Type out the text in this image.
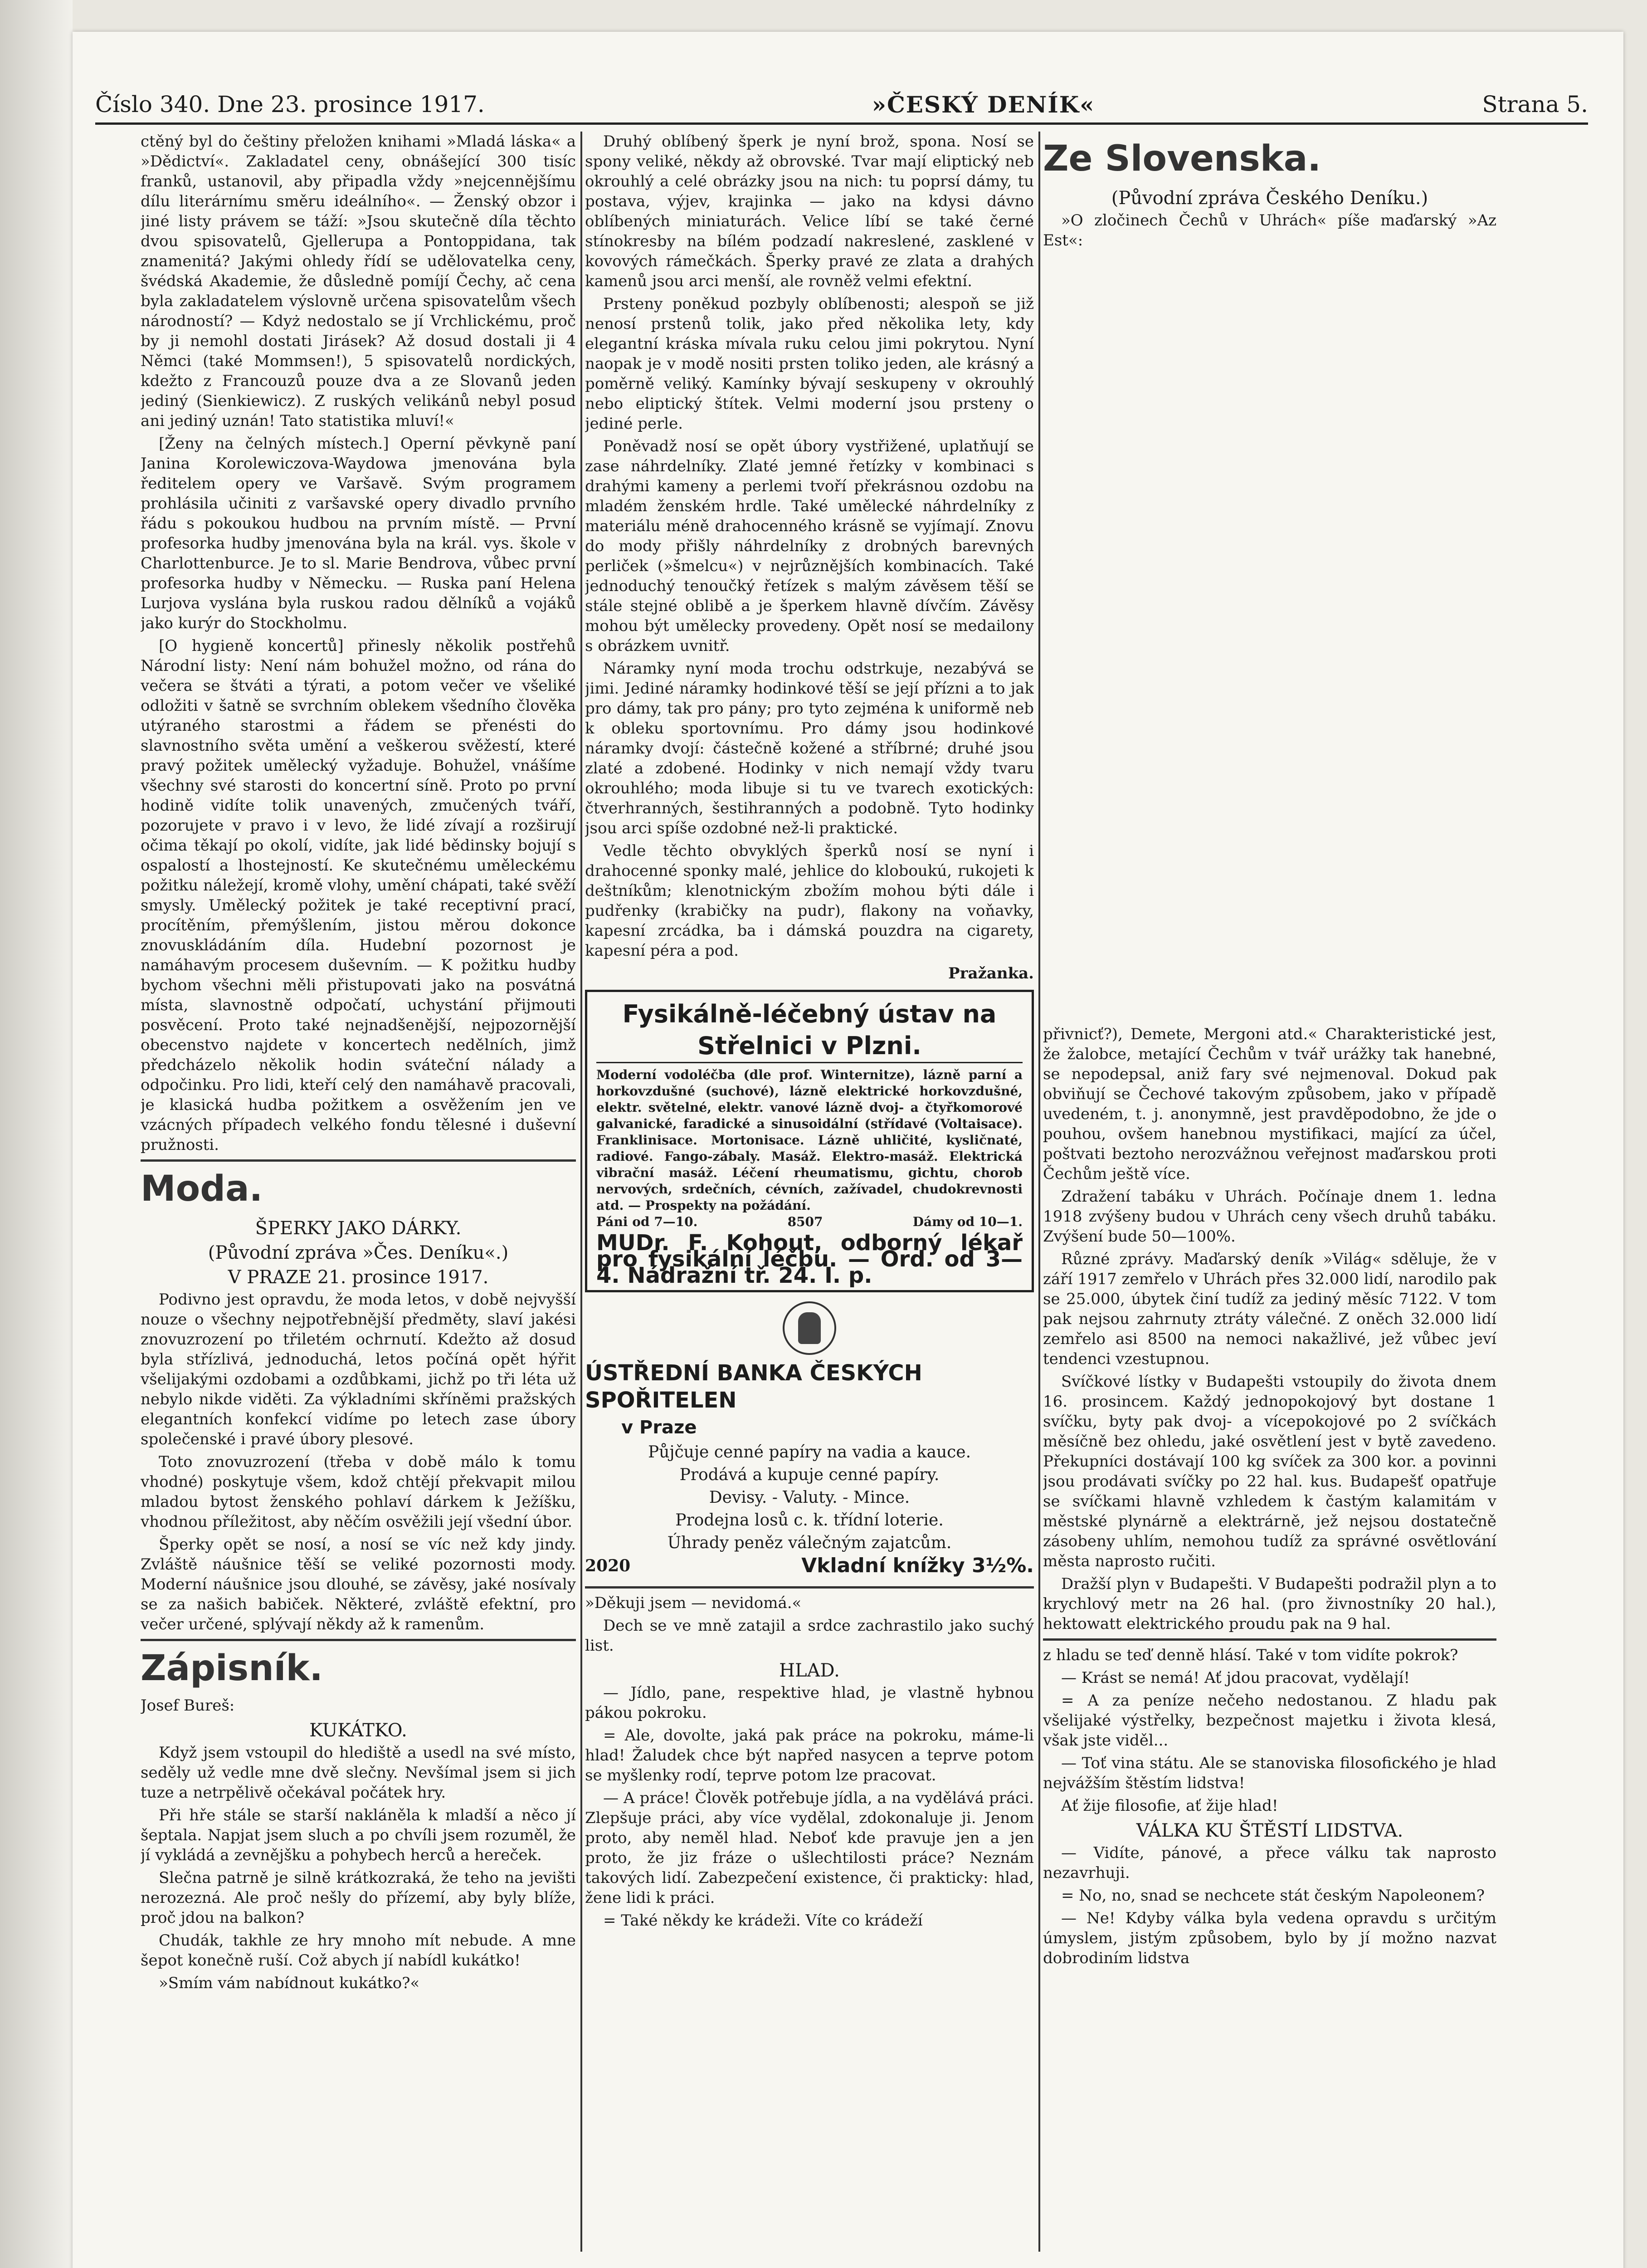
Číslo 340. Dne 23. prosince 1917.	»ČESKÝ DENÍK«	Strana 5.

ctěný byl do češtiny přeložen knihami »Mladá láska« a »Dědictví«. Zakladatel ceny, obnášející 300 tisíc franků, ustanovil, aby připadla vždy »nejcennějšímu dílu literárnímu směru ideálního«. — Ženský obzor i jiné listy právem se táží: »Jsou skutečně díla těchto dvou spisovatelů, Gjellerupa a Pontoppidana, tak znamenitá? Jakými ohledy řídí se udělovatelka ceny, švédská Akademie, že důsledně pomíjí Čechy, ač cena byla zakladatelem výslovně určena spisovatelům všech národností? — Kdyż nedostalo se jí Vrchlickému, proč by ji nemohl dostati Jirásek? Až dosud dostali ji 4 Němci (také Mommsen!), 5 spisovatelů nordických, kdežto z Francouzů pouze dva a ze Slovanů jeden jediný (Sienkiewicz). Z ruských velikánů nebyl posud ani jediný uznán! Tato statistika mluví!«

[Ženy na čelných místech.] Operní pěvkyně paní Janina Korolewiczova-Waydowa jmenována byla ředitelem opery ve Varšavě. Svým programem prohlásila učiniti z varšavské opery divadlo prvního řádu s pokoukou hudbou na prvním místě. — První profesorka hudby jmenována byla na král. vys. škole v Charlottenburce. Je to sl. Marie Bendrova, vůbec první profesorka hudby v Německu. — Ruska paní Helena Lurjova vyslána byla ruskou radou dělníků a vojáků jako kurýr do Stockholmu.

[O hygieně koncertů] přinesly několik postřehů Národní listy: Není nám bohužel možno, od rána do večera se štváti a týrati, a potom večer ve všeliké odložiti v šatně se svrchním oblekem všedního člověka utýraného starostmi a řádem se přenésti do slavnostního světa umění a veškerou svěžestí, které pravý požitek umělecký vyžaduje. Bohužel, vnášíme všechny své starosti do koncertní síně. Proto po první hodině vidíte tolik unavených, zmučených tváří, pozorujete v pravo i v levo, že lidé zívají a rozširují očima těkají po okolí, vidíte, jak lidé bědinsky bojují s ospalostí a lhostejností. Ke skutečnému uměleckému požitku náležejí, kromě vlohy, umění chápati, také svěží smysly. Umělecký požitek je také receptivní prací, procítěním, přemýšlením, jistou měrou dokonce znovuskládáním díla. Hudební pozornost je namáhavým procesem duševním. — K požitku hudby bychom všechni měli přistupovati jako na posvátná místa, slavnostně odpočatí, uchystání přijmouti posvěcení. Proto také nejnadšenější, nejpozornější obecenstvo najdete v koncertech nedělních, jimž předcházelo několik hodin sváteční nálady a odpočinku. Pro lidi, kteří celý den namáhavě pracovali, je klasická hudba požitkem a osvěžením jen ve vzácných případech velkého fondu tělesné i duševní pružnosti.

Moda.
ŠPERKY JAKO DÁRKY.
(Původní zpráva »Čes. Deníku«.)
V PRAZE 21. prosince 1917.

Podivno jest opravdu, že moda letos, v době nejvyšší nouze o všechny nejpotřebnější předměty, slaví jakési znovuzrození po třiletém ochrnutí. Kdežto až dosud byla střízlivá, jednoduchá, letos počíná opět hýřit všelijakými ozdobami a ozdůbkami, jichž po tři léta už nebylo nikde viděti. Za výkladními skříněmi pražských elegantních konfekcí vidíme po letech zase úbory společenské i pravé úbory plesové.

Toto znovuzrození (třeba v době málo k tomu vhodné) poskytuje všem, kdož chtějí překvapit milou mladou bytost ženského pohlaví dárkem k Ježíšku, vhodnou příležitost, aby něčím osvěžili její všední úbor.

Šperky opět se nosí, a nosí se víc než kdy jindy. Zvláště náušnice těší se veliké pozornosti mody. Moderní náušnice jsou dlouhé, se závěsy, jaké nosívaly se za našich babiček. Některé, zvláště efektní, pro večer určené, splývají někdy až k ramenům.

Zápisník.

Josef Bureš:

KUKÁTKO.

Když jsem vstoupil do hlediště a usedl na své místo, seděly už vedle mne dvě slečny. Nevšímal jsem si jich tuze a netrpělivě očekával počátek hry.

Při hře stále se starší nakláněla k mladší a něco jí šeptala. Napjat jsem sluch a po chvíli jsem rozuměl, že jí vykládá a zevnějšku a pohybech herců a hereček.

Slečna patrně je silně krátkozraká, že teho na jevišti nerozezná. Ale proč nešly do přízemí, aby byly blíže, proč jdou na balkon?

Chudák, takhle ze hry mnoho mít nebude. A mne šepot konečně ruší. Což abych jí nabídl kukátko!

»Smím vám nabídnout kukátko?«

Druhý oblíbený šperk je nyní brož, spona. Nosí se spony veliké, někdy až obrovské. Tvar mají eliptický neb okrouhlý a celé obrázky jsou na nich: tu poprsí dámy, tu postava, výjev, krajinka — jako na kdysi dávno oblíbených miniaturách. Velice líbí se také černé stínokresby na bílém podzadí nakreslené, zasklené v kovových rámečkách. Šperky pravé ze zlata a drahých kamenů jsou arci menší, ale rovněž velmi efektní.

Prsteny poněkud pozbyly oblíbenosti; alespoň se již nenosí prstenů tolik, jako před několika lety, kdy elegantní kráska mívala ruku celou jimi pokrytou. Nyní naopak je v modě nositi prsten toliko jeden, ale krásný a poměrně veliký. Kamínky bývají seskupeny v okrouhlý nebo eliptický štítek. Velmi moderní jsou prsteny o jediné perle.

Poněvadž nosí se opět úbory vystřižené, uplatňují se zase náhrdelníky. Zlaté jemné řetízky v kombinaci s drahými kameny a perlemi tvoří překrásnou ozdobu na mladém ženském hrdle. Také umělecké náhrdelníky z materiálu méně drahocenného krásně se vyjímají. Znovu do mody přišly náhrdelníky z drobných barevných perliček (»šmelcu«) v nejrůznějších kombinacích. Také jednoduchý tenoučký řetízek s malým závěsem těší se stále stejné oblibě a je šperkem hlavně dívčím. Závěsy mohou být umělecky provedeny. Opět nosí se medailony s obrázkem uvnitř.

Náramky nyní moda trochu odstrkuje, nezabývá se jimi. Jediné náramky hodinkové těší se její přízni a to jak pro dámy, tak pro pány; pro tyto zejména k uniformě neb k obleku sportovnímu. Pro dámy jsou hodinkové náramky dvojí: částečně kožené a stříbrné; druhé jsou zlaté a zdobené. Hodinky v nich nemají vždy tvaru okrouhlého; moda libuje si tu ve tvarech exotických: čtverhranných, šestihranných a podobně. Tyto hodinky jsou arci spíše ozdobné než-li praktické.

Vedle těchto obvyklých šperků nosí se nyní i drahocenné sponky malé, jehlice do kloboukú, rukojeti k deštníkům; klenotnickým zbožím mohou býti dále i pudřenky (krabičky na pudr), flakony na voňavky, kapesní zrcádka, ba i dámská pouzdra na cigarety, kapesní péra a pod.

Pražanka.

Fysikálně-léčebný ústav na Střelnici v Plzni.
Moderní vodoléčba (dle prof. Winternitze), lázně parní a horkovzdušné (suchové), lázně elektrické horkovzdušné, elektr. světelné, elektr. vanové lázně dvoj- a čtyřkomorové galvanické, faradické a sinusoidální (střídavé (Voltaisace). Franklinisace. Mortonisace. Lázně uhličité, kysličnaté, radiové. Fango-zábaly. Masáž. Elektro-masáž. Elektrická vibrační masáž. Léčení rheumatismu, gichtu, chorob nervových, srdečních, cévních, zažívadel, chudokrevnosti atd. — Prospekty na požádání.
Páni od 7—10.	8507	Dámy od 10—1.
MUDr. F. Kohout, odborný lékař pro fysikální léčbu. — Ord. od 3—4. Nádražní tř. 24. I. p.
ÚSTŘEDNÍ BANKA ČESKÝCH SPOŘITELEN
v Praze
Půjčuje cenné papíry na vadia a kauce.
Prodává a kupuje cenné papíry.
Devisy. - Valuty. - Mince.
Prodejna losů c. k. třídní loterie.
Úhrady peněz válečným zajatcům.
2020	Vkladní knížky 3½%.

»Děkuji jsem — nevidomá.«

Dech se ve mně zatajil a srdce zachrastilo jako suchý list.

HLAD.

— Jídlo, pane, respektive hlad, je vlastně hybnou pákou pokroku.

= Ale, dovolte, jaká pak práce na pokroku, máme-li hlad! Žaludek chce být napřed nasycen a teprve potom se myšlenky rodí, teprve potom lze pracovat.

— A práce! Člověk potřebuje jídla, a na vydělává práci. Zlepšuje práci, aby více vydělal, zdokonaluje ji. Jenom proto, aby neměl hlad. Neboť kde pravuje jen a jen proto, že jiz fráze o ušlechtilosti práce? Neznám takových lidí. Zabezpečení existence, či prakticky: hlad, žene lidi k práci.

= Také někdy ke krádeži. Víte co krádeží

Ze Slovenska.
(Původní zpráva Českého Deníku.)

»O zločinech Čechů v Uhrách« píše maďarský »Az Est«:

přivnicť?), Demete, Mergoni atd.« Charakteristické jest, že žalobce, metající Čechům v tvář urážky tak hanebné, se nepodepsal, aniž fary své nejmenoval. Dokud pak obviňují se Čechové takovým způsobem, jako v případě uvedeném, t. j. anonymně, jest pravděpodobno, že jde o pouhou, ovšem hanebnou mystifikaci, mající za účel, poštvati beztoho nerozvážnou veřejnost maďarskou proti Čechům ještě více.

Zdražení tabáku v Uhrách. Počínaje dnem 1. ledna 1918 zvýšeny budou v Uhrách ceny všech druhů tabáku. Zvýšení bude 50—100%.

Různé zprávy. Maďarský deník »Világ« sděluje, že v září 1917 zemřelo v Uhrách přes 32.000 lidí, narodilo pak se 25.000, úbytek činí tudíž za jediný měsíc 7122. V tom pak nejsou zahrnuty ztráty válečné. Z oněch 32.000 lidí zemřelo asi 8500 na nemoci nakažlivé, jež vůbec jeví tendenci vzestupnou.

Svíčkové lístky v Budapešti vstoupily do života dnem 16. prosincem. Každý jednopokojový byt dostane 1 svíčku, byty pak dvoj- a vícepokojové po 2 svíčkách měsíčně bez ohledu, jaké osvětlení jest v bytě zavedeno. Překupníci dostávají 100 kg svíček za 300 kor. a povinni jsou prodávati svíčky po 22 hal. kus. Budapešť opatřuje se svíčkami hlavně vzhledem k častým kalamitám v městské plynárně a elektrárně, jež nejsou dostatečně zásobeny uhlím, nemohou tudíž za správné osvětlování města naprosto ručiti.

Dražší plyn v Budapešti. V Budapešti podražil plyn a to krychlový metr na 26 hal. (pro živnostníky 20 hal.), hektowatt elektrického proudu pak na 9 hal.

z hladu se teď denně hlásí. Také v tom vidíte pokrok?

— Krást se nemá! Ať jdou pracovat, vydělají!

= A za peníze nečeho nedostanou. Z hladu pak všelijaké výstřelky, bezpečnost majetku i života klesá, však jste viděl...

— Toť vina státu. Ale se stanoviska filosofického je hlad nejvážším štěstím lidstva!

Ať žije filosofie, ať žije hlad!

VÁLKA KU ŠTĚSTÍ LIDSTVA.

— Vidíte, pánové, a přece válku tak naprosto nezavrhuji.

= No, no, snad se nechcete stát českým Napoleonem?

— Ne! Kdyby válka byla vedena opravdu s určitým úmyslem, jistým způsobem, bylo by jí možno nazvat dobrodiním lidstva
